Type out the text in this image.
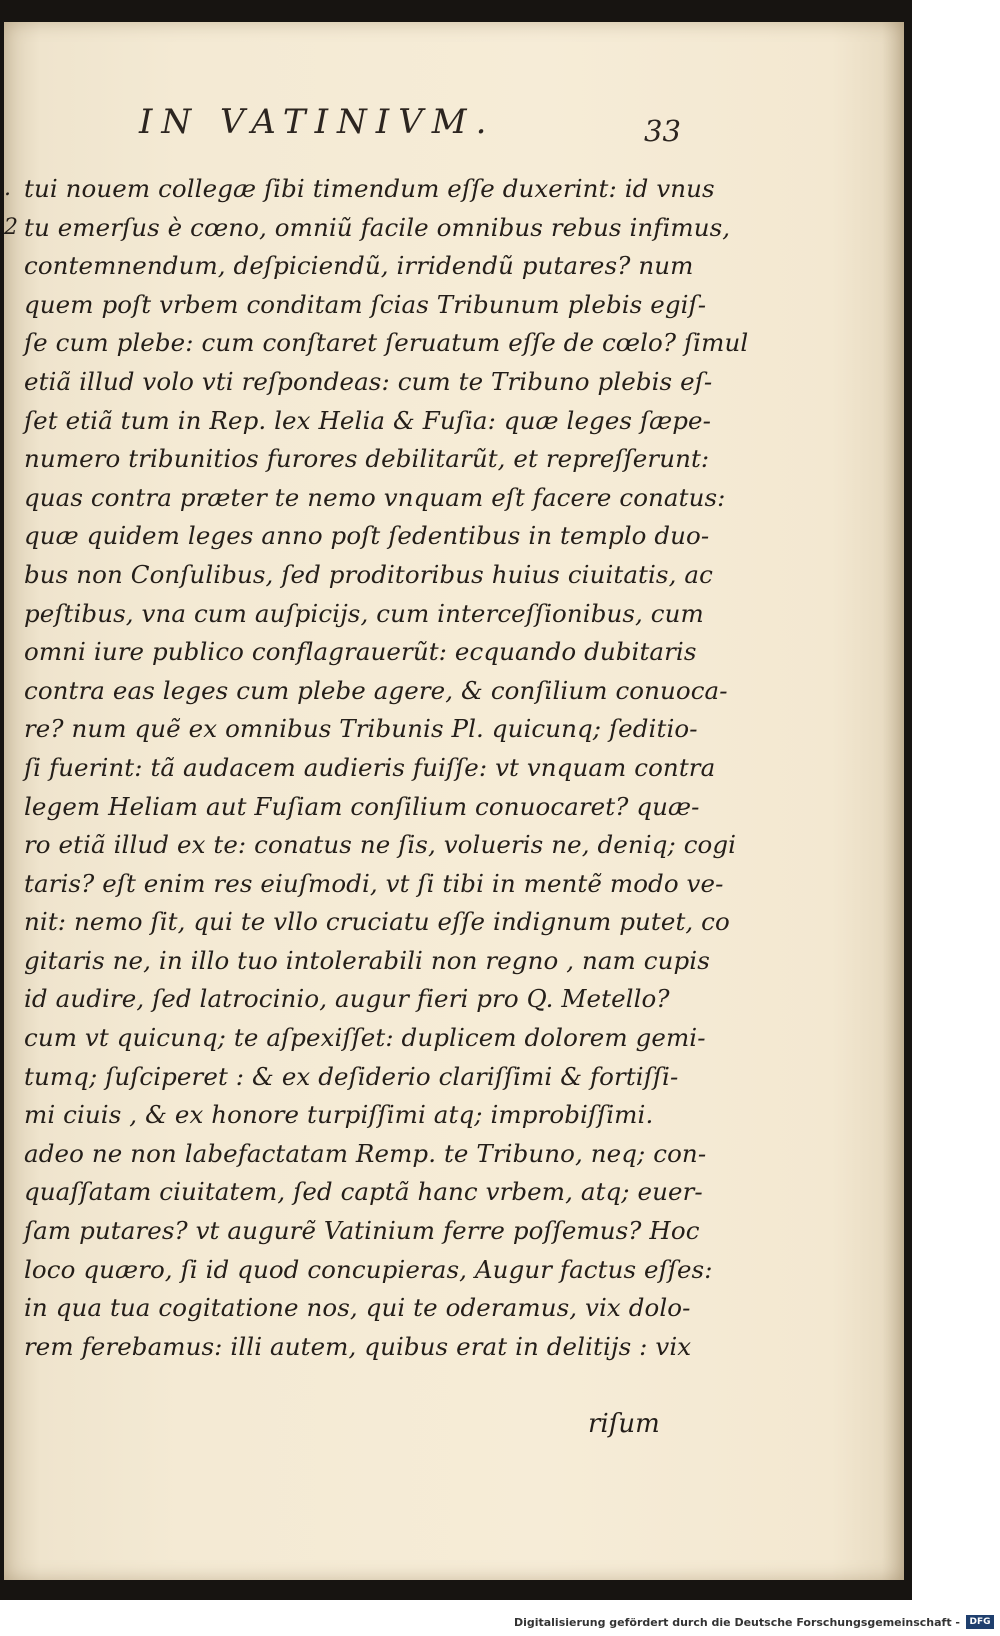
IN VATINIVM.	33
. tui nouem collegæ ſibi timendum eſſe duxerint: id vnus
2 tu emerſus è cœno, omniũ facile omnibus rebus infimus,
contemnendum, deſpiciendũ, irridendũ putares? num
quem poſt vrbem conditam ſcias Tribunum plebis egiſ-
ſe cum plebe: cum conſtaret ſeruatum eſſe de cœlo? ſimul
etiã illud volo vti reſpondeas: cum te Tribuno plebis eſ-
ſet etiã tum in Rep. lex Helia & Fuſia: quæ leges ſæpe-
numero tribunitios furores debilitarũt, et repreſſerunt:
quas contra præter te nemo vnquam eſt facere conatus:
quæ quidem leges anno poſt ſedentibus in templo duo-
bus non Conſulibus, ſed proditoribus huius ciuitatis, ac
peſtibus, vna cum auſpicijs, cum interceſſionibus, cum
omni iure publico conflagrauerũt: ecquando dubitaris
contra eas leges cum plebe agere, & conſilium conuoca-
re? num quẽ ex omnibus Tribunis Pl. quicunq; ſeditio-
ſi fuerint: tã audacem audieris fuiſſe: vt vnquam contra
legem Heliam aut Fuſiam conſilium conuocaret? quæ-
ro etiã illud ex te: conatus ne ſis, volueris ne, deniq; cogi
taris? eſt enim res eiuſmodi, vt ſi tibi in mentẽ modo ve-
nit: nemo ſit, qui te vllo cruciatu eſſe indignum putet, co
gitaris ne, in illo tuo intolerabili non regno , nam cupis
id audire, ſed latrocinio, augur fieri pro Q. Metello?
cum vt quicunq; te aſpexiſſet: duplicem dolorem gemi-
tumq; ſuſciperet : & ex deſiderio clariſſimi & fortiſſi-
mi ciuis , & ex honore turpiſſimi atq; improbiſſimi.
adeo ne non labefactatam Remp. te Tribuno, neq; con-
quaſſatam ciuitatem, ſed captã hanc vrbem, atq; euer-
ſam putares? vt augurẽ Vatinium ferre poſſemus? Hoc
loco quæro, ſi id quod concupieras, Augur factus eſſes:
in qua tua cogitatione nos, qui te oderamus, vix dolo-
rem ferebamus: illi autem, quibus erat in delitijs : vix
riſum
Digitalisierung gefördert durch die Deutsche Forschungsgemeinschaft -	DFG
